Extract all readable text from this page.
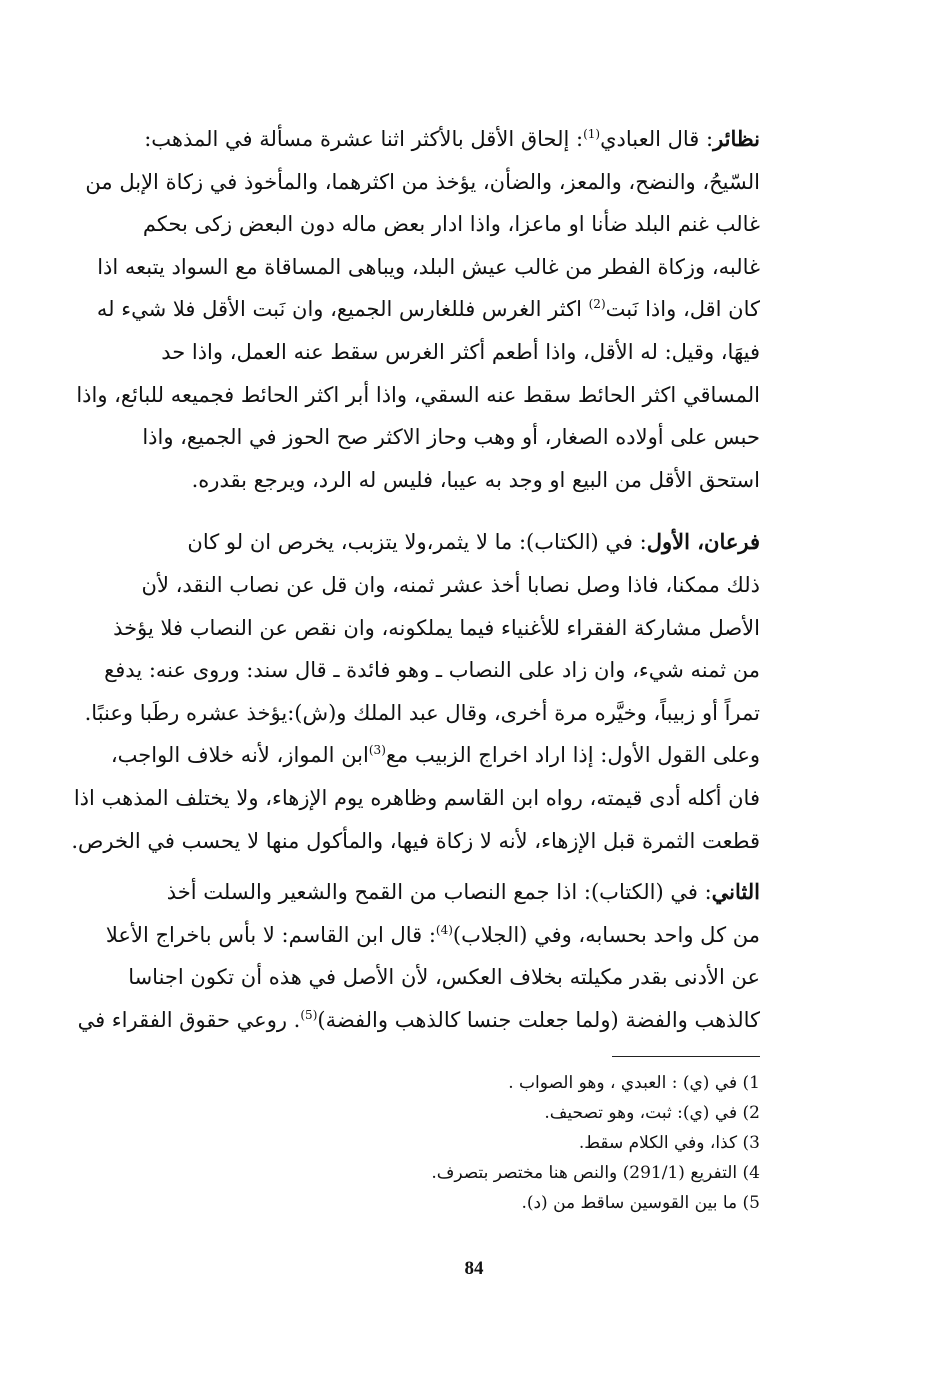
نظائر: قال العبادي$^{(1)}$: إلحاق الأقل بالأكثر اثنا عشرة مسألة في المذهب:
السّيحُ، والنضح، والمعز، والضأن، يؤخذ من اكثرهما، والمأخوذ في زكاة الإبل من
غالب غنم البلد ضأنا او ماعزا، واذا ادار بعض ماله دون البعض زكى بحكم
غالبه، وزكاة الفطر من غالب عيش البلد، ويباهى المساقاة مع السواد يتبعه اذا
كان اقل، واذا نَبت$^{(2)}$ اكثر الغرس فللغارس الجميع، وان نَبت الأقل فلا شيء له
فيهَا، وقيل: له الأقل، واذا أطعم أكثر الغرس سقط عنه العمل، واذا حد
المساقي اكثر الحائط سقط عنه السقي، واذا أبر اكثر الحائط فجميعه للبائع، واذا
حبس على أولاده الصغار، أو وهب وحاز الاكثر صح الحوز في الجميع، واذا
استحق الأقل من البيع او وجد به عيبا، فليس له الرد، ويرجع بقدره.

فرعان، الأول: في (الكتاب): ما لا يثمر،ولا يتزبب، يخرص ان لو كان
ذلك ممكنا، فاذا وصل نصابا أخذ عشر ثمنه، وان قل عن نصاب النقد، لأن
الأصل مشاركة الفقراء للأغنياء فيما يملكونه، وان نقص عن النصاب فلا يؤخذ
من ثمنه شيء، وان زاد على النصاب ـ وهو فائدة ـ قال سند: وروى عنه: يدفع
تمراً أو زبيباً، وخيَّره مرة أخرى، وقال عبد الملك و(ش):يؤخذ عشره رطَبا وعنبًا.

وعلى القول الأول: إذا اراد اخراج الزبيب مع$^{(3)}$ابن المواز، لأنه خلاف الواجب،
فان أكله أدى قيمته، رواه ابن القاسم وظاهره يوم الإزهاء، ولا يختلف المذهب اذا
قطعت الثمرة قبل الإزهاء، لأنه لا زكاة فيها، والمأكول منها لا يحسب في الخرص.

الثاني: في (الكتاب): اذا جمع النصاب من القمح والشعير والسلت أخذ
من كل واحد بحسابه، وفي (الجلاب)$^{(4)}$: قال ابن القاسم: لا بأس باخراج الأعلا
عن الأدنى بقدر مكيلته بخلاف العكس، لأن الأصل في هذه أن تكون اجناسا
كالذهب والفضة (ولما جعلت جنسا كالذهب والفضة)$^{(5)}$. روعي حقوق الفقراء في

1) في (ي) : العبدي ، وهو الصواب .
2) في (ي): ثبت، وهو تصحيف.
3) كذا، وفي الكلام سقط.
4) التفريع (291/1) والنص هنا مختصر بتصرف.
5) ما بين القوسين ساقط من (د).
84
